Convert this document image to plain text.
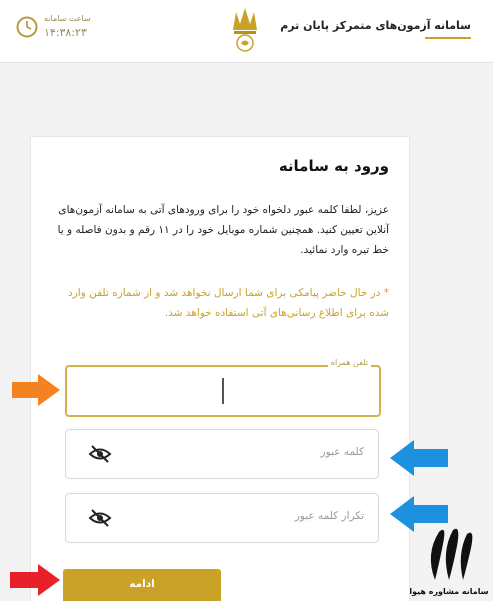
سامانه آزمون‌های متمرکز پایان ترم
ساعت سامانه
۱۴:۳۸:۲۳
ورود به سامانه

عزیز، لطفا کلمه عبور دلخواه خود را برای ورودهای آتی به سامانه آزمون‌های آنلاین تعیین کنید. همچنین شماره موبایل خود را در ۱۱ رقم و بدون فاصله و یا خط تیره وارد نمائید.

* در حال حاضر پیامکی برای شما ارسال نخواهد شد و از شماره تلفن وارد شده برای اطلاع رسانی‌های آتی استفاده خواهد شد.

تلفن همراه
کلمه عبور
تکرار کلمه عبور
ادامه
سامانه مشاوره هیوا
